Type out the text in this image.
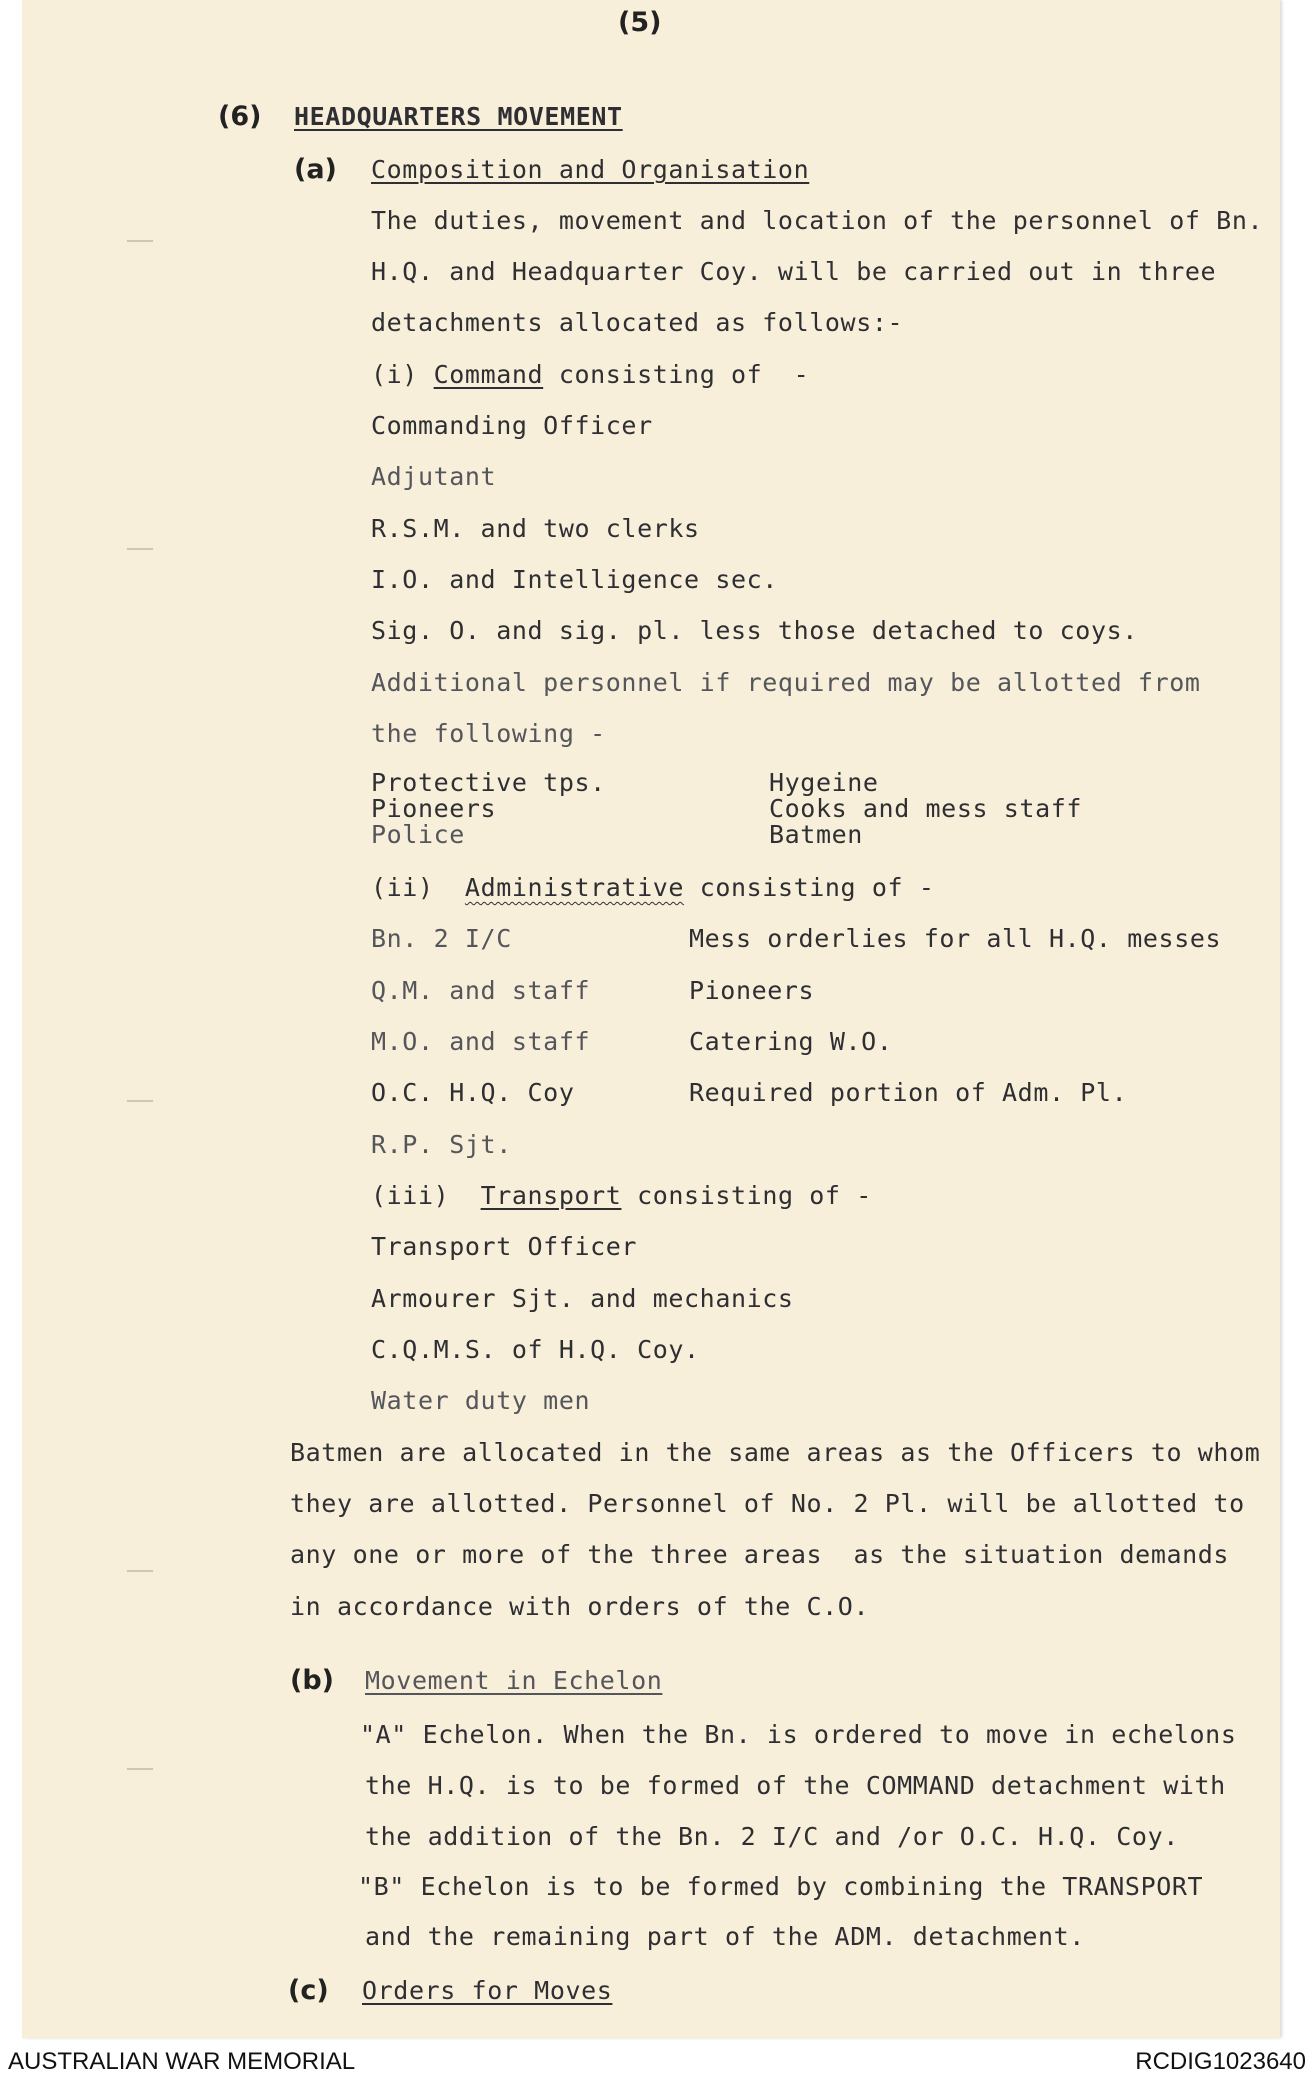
(5)
(6) HEADQUARTERS MOVEMENT
(a) Composition and Organisation
The duties, movement and location of the personnel of Bn.
H.Q. and Headquarter Coy. will be carried out in three
detachments allocated as follows:-
(i) Command consisting of  -
Commanding Officer
Adjutant
R.S.M. and two clerks
I.O. and Intelligence sec.
Sig. O. and sig. pl. less those detached to coys.
Additional personnel if required may be allotted from
the following -
Protective tps.
Pioneers
Police
Hygeine
Cooks and mess staff
Batmen
(ii) Administrative consisting of -
Bn. 2 I/C
Q.M. and staff
M.O. and staff
O.C. H.Q. Coy
R.P. Sjt.
Mess orderlies for all H.Q. messes
Pioneers
Catering W.O.
Required portion of Adm. Pl.
(iii) Transport consisting of -
Transport Officer
Armourer Sjt. and mechanics
C.Q.M.S. of H.Q. Coy.
Water duty men
Batmen are allocated in the same areas as the Officers to whom
they are allotted. Personnel of No. 2 Pl. will be allotted to
any one or more of the three areas  as the situation demands
in accordance with orders of the C.O.
(b) Movement in Echelon
"A" Echelon. When the Bn. is ordered to move in echelons
the H.Q. is to be formed of the COMMAND detachment with
the addition of the Bn. 2 I/C and /or O.C. H.Q. Coy.
"B" Echelon is to be formed by combining the TRANSPORT
and the remaining part of the ADM. detachment.
(c) Orders for Moves
AUSTRALIAN WAR MEMORIAL	RCDIG1023640
